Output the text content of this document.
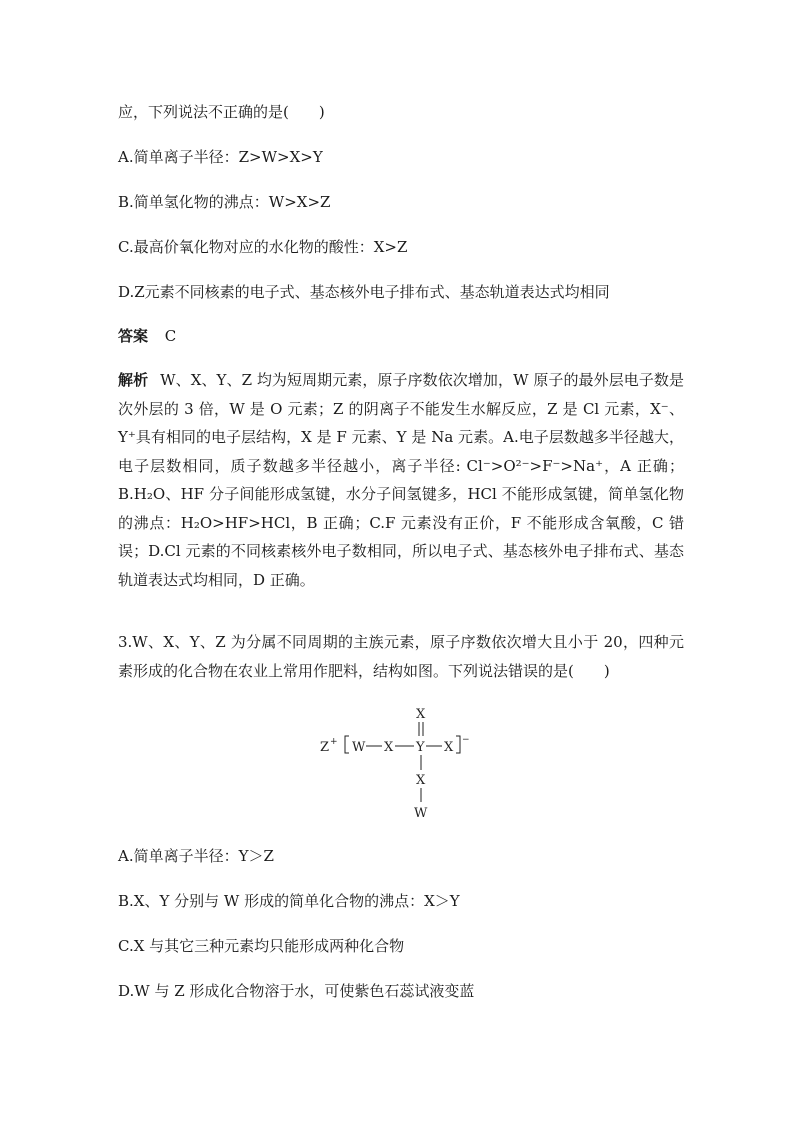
应，下列说法不正确的是(　　)
A.简单离子半径：Z>W>X>Y
B.简单氢化物的沸点：W>X>Z
C.最高价氧化物对应的水化物的酸性：X>Z
D.Z元素不同核素的电子式、基态核外电子排布式、基态轨道表达式均相同
答案 C
解析 W、X、Y、Z 均为短周期元素，原子序数依次增加，W 原子的最外层电子数是次外层的 3 倍，W 是 O 元素；Z 的阴离子不能发生水解反应，Z 是 Cl 元素，X⁻、Y⁺具有相同的电子层结构，X 是 F 元素、Y 是 Na 元素。A.电子层数越多半径越大，电子层数相同，质子数越多半径越小，离子半径: Cl⁻>O²⁻>F⁻>Na⁺，A 正确；B.H₂O、HF 分子间能形成氢键，水分子间氢键多，HCl 不能形成氢键，简单氢化物的沸点：H₂O>HF>HCl，B 正确；C.F 元素没有正价，F 不能形成含氧酸，C 错误；D.Cl 元素的不同核素核外电子数相同，所以电子式、基态核外电子排布式、基态轨道表达式均相同，D 正确。
3.W、X、Y、Z 为分属不同周期的主族元素，原子序数依次增大且小于 20，四种元素形成的化合物在农业上常用作肥料，结构如图。下列说法错误的是(　　)
Z + W X Y X −
X
X
W
A.简单离子半径：Y＞Z
B.X、Y 分别与 W 形成的简单化合物的沸点：X＞Y
C.X 与其它三种元素均只能形成两种化合物
D.W 与 Z 形成化合物溶于水，可使紫色石蕊试液变蓝
